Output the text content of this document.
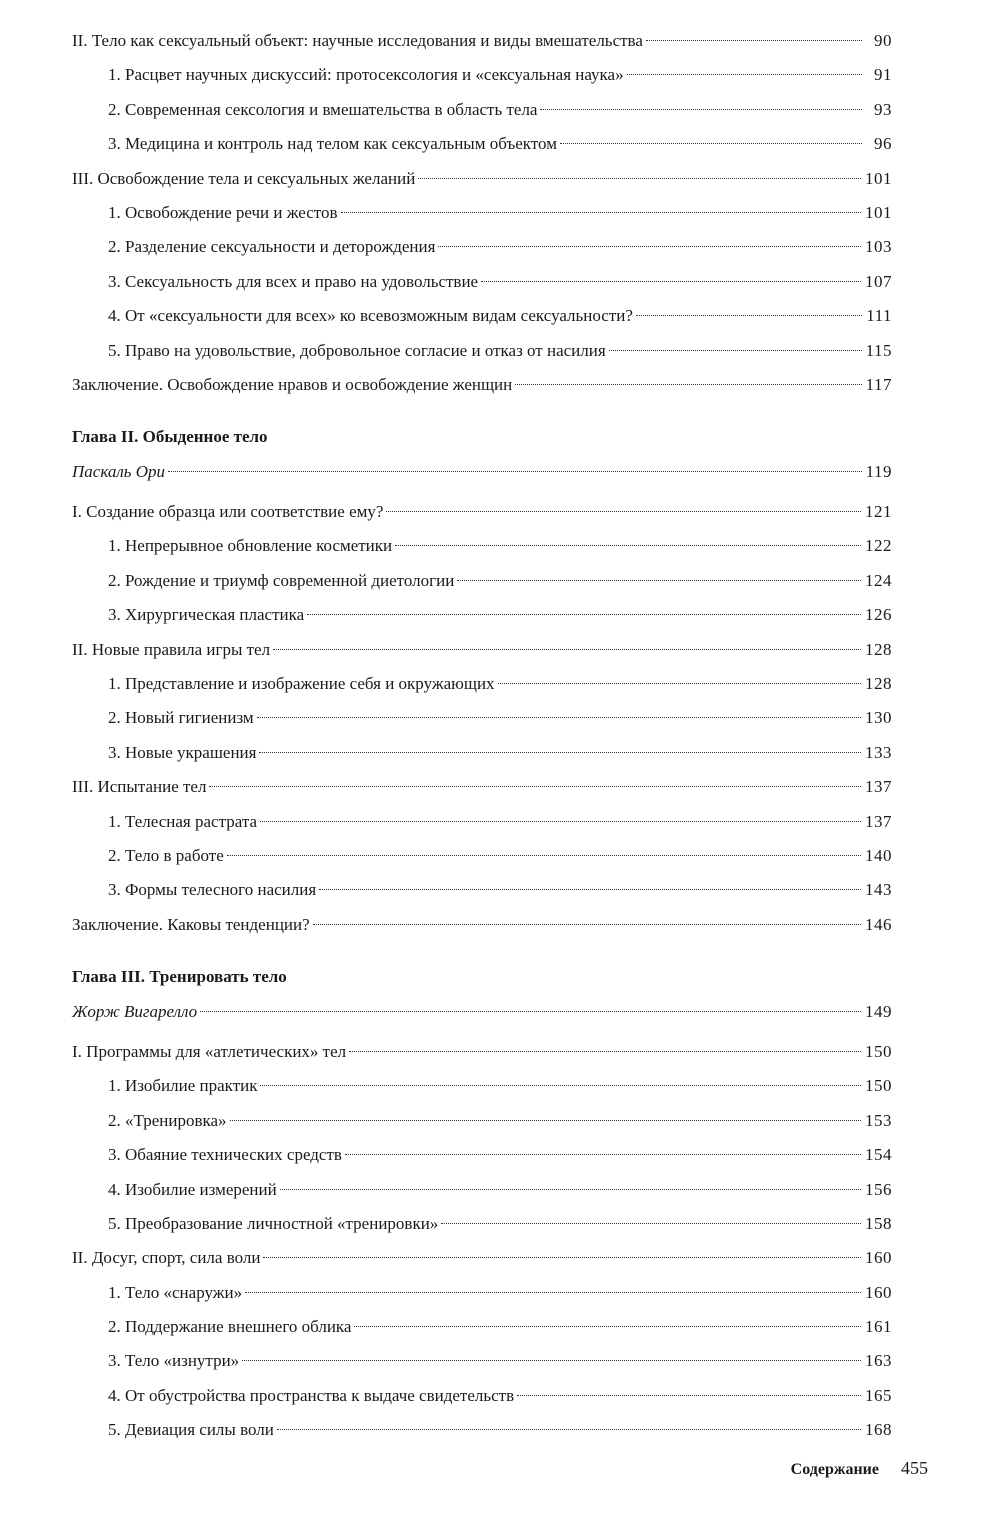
II. Тело как сексуальный объект: научные исследования и виды вмешательства	90
1. Расцвет научных дискуссий: протосексология и «сексуальная наука»	91
2. Современная сексология и вмешательства в область тела	93
3. Медицина и контроль над телом как сексуальным объектом	96
III. Освобождение тела и сексуальных желаний	101
1. Освобождение речи и жестов	101
2. Разделение сексуальности и деторождения	103
3. Сексуальность для всех и право на удовольствие	107
4. От «сексуальности для всех» ко всевозможным видам сексуальности?	111
5. Право на удовольствие, добровольное согласие и отказ от насилия	115
Заключение. Освобождение нравов и освобождение женщин	117
Глава II. Обыденное тело
Паскаль Ори	119
I. Создание образца или соответствие ему?	121
1. Непрерывное обновление косметики	122
2. Рождение и триумф современной диетологии	124
3. Хирургическая пластика	126
II. Новые правила игры тел	128
1. Представление и изображение себя и окружающих	128
2. Новый гигиенизм	130
3. Новые украшения	133
III. Испытание тел	137
1. Телесная растрата	137
2. Тело в работе	140
3. Формы телесного насилия	143
Заключение. Каковы тенденции?	146
Глава III. Тренировать тело
Жорж Вигарелло	149
I. Программы для «атлетических» тел	150
1. Изобилие практик	150
2. «Тренировка»	153
3. Обаяние технических средств	154
4. Изобилие измерений	156
5. Преобразование личностной «тренировки»	158
II. Досуг, спорт, сила воли	160
1. Тело «снаружи»	160
2. Поддержание внешнего облика	161
3. Тело «изнутри»	163
4. От обустройства пространства к выдаче свидетельств	165
5. Девиация силы воли	168
Содержание 455
